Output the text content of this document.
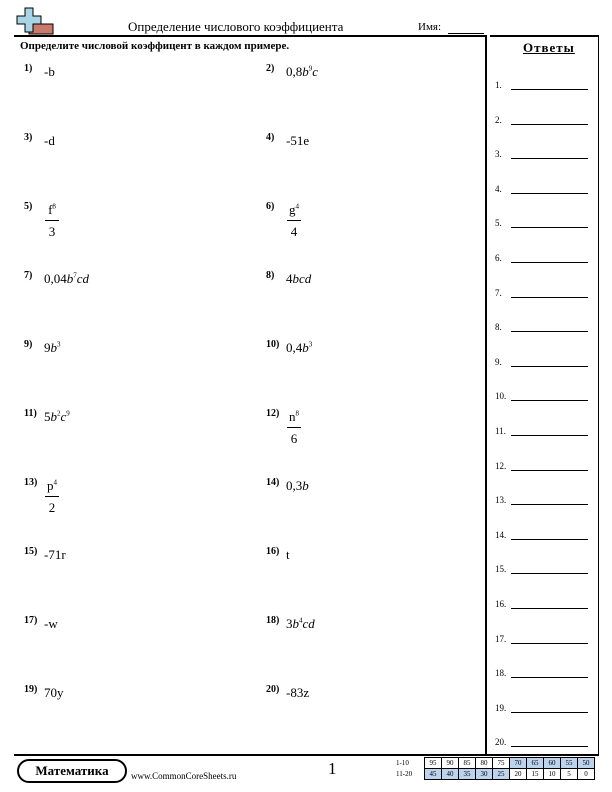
Определение числового коэффициента	Имя:
Определите числовой коэффицент в каждом примере.
1) -b	2) $0,8b^9c$
3) -d	4) -51e
$5) \frac{f^8}{3}$	$6) \frac{g^4}{4}$
7) $0,04b^7cd$	8) 4bcd
9) $9b^3$	10) $0,4b^3$
11) $5b^2c^9$	$12) \frac{n^8}{6}$
$13) \frac{p^4}{2}$	14) 0,3b
15) -71r	16) t
17) -w	18) $3b^4cd$
19) 70y	20) -83z
Ответы
1.
2.
3.
4.
5.
6.
7.
8.
9.
10.
11.
12.
13.
14.
15.
16.
17.
18.
19.
20.
Математика	www.CommonCoreSheets.ru	1	1-10	95	90	85	80	75	70	65	60	55	50
11-20	45	40	35	30	25	20	15	10	5	0
